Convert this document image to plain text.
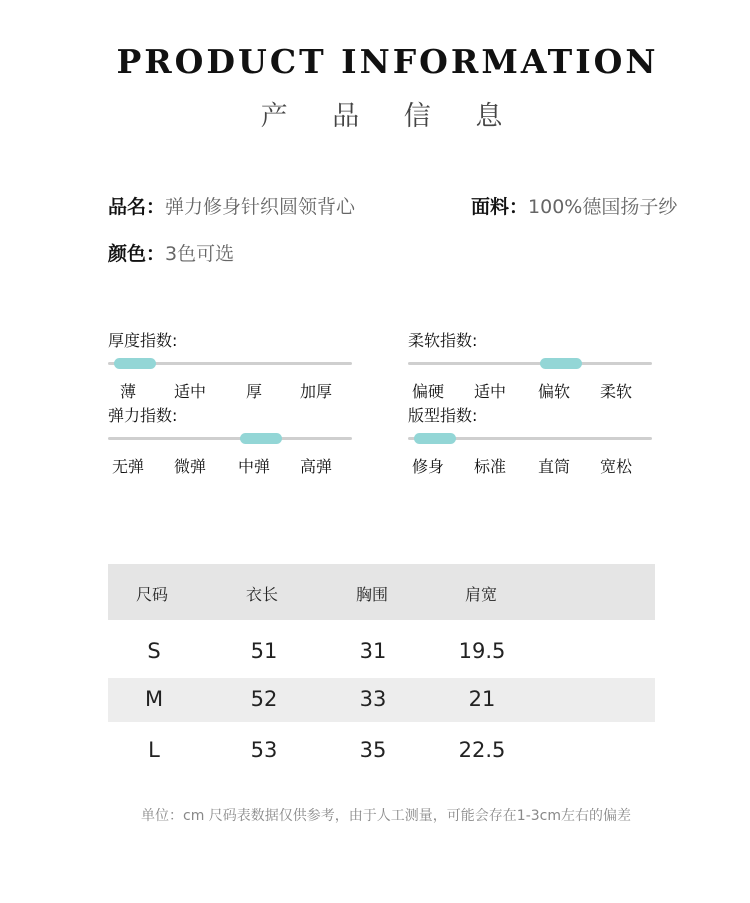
PRODUCT INFORMATION
产 品 信 息
品名：弹力修身针织圆领背心	面料：100%德国扬子纱
颜色：3色可选
厚度指数:
薄	适中	厚	加厚
柔软指数:
偏硬	适中	偏软	柔软
弹力指数:
无弹	微弹	中弹	高弹
版型指数:
修身	标准	直筒	宽松
尺码	衣长	胸围	肩宽
S	51	31	19.5
M	52	33	21
L	53	35	22.5
单位：cm 尺码表数据仅供参考，由于人工测量，可能会存在1-3cm左右的偏差
